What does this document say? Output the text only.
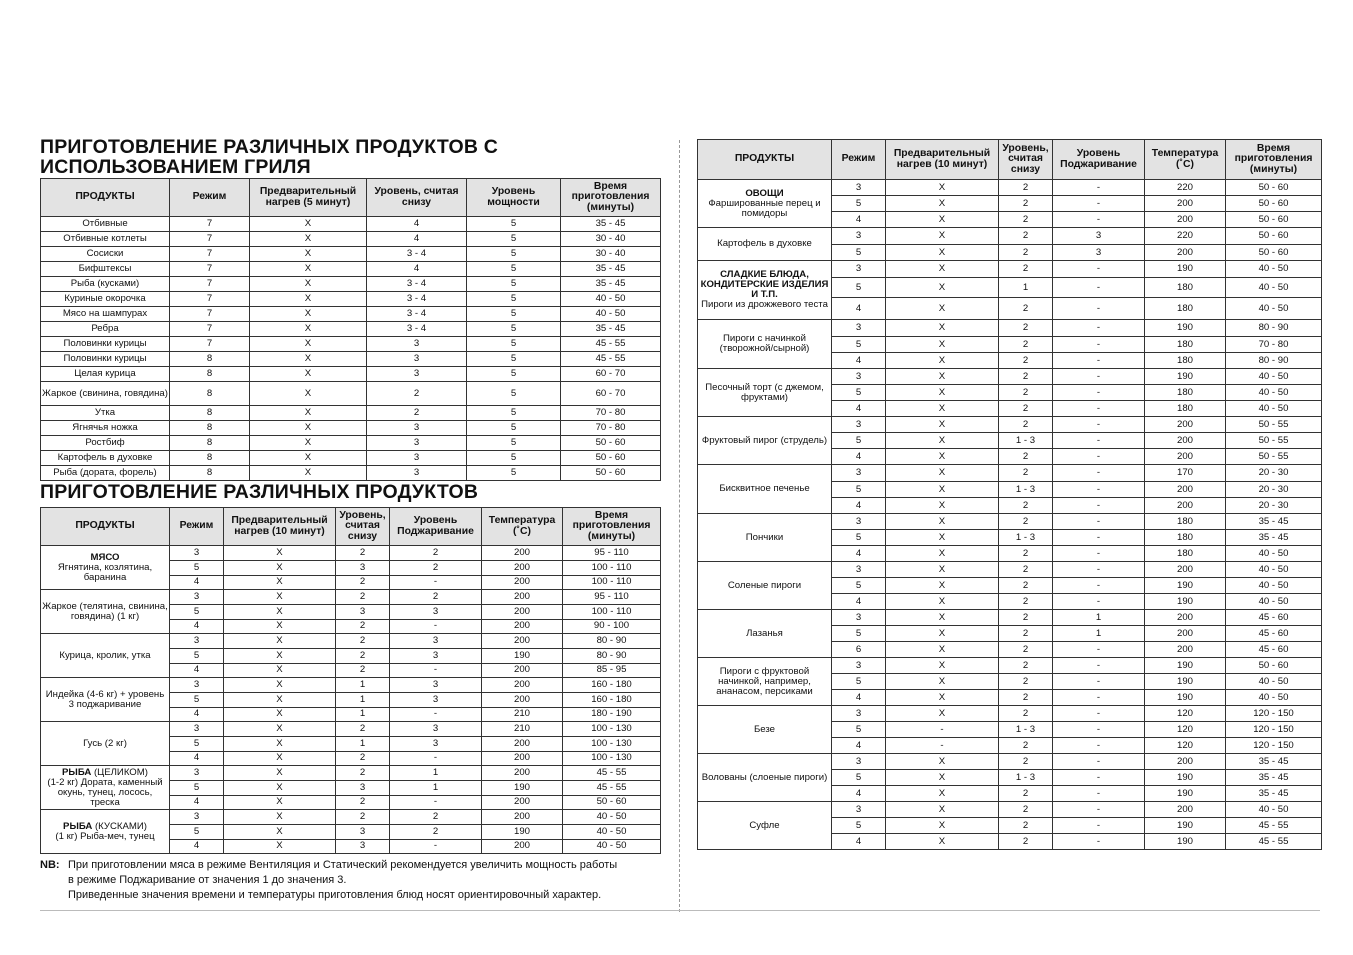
ПРИГОТОВЛЕНИЕ РАЗЛИЧНЫХ ПРОДУКТОВ С
ИСПОЛЬЗОВАНИЕМ ГРИЛЯ
ПРОДУКТЫ	Режим	Предварительный нагрев (5 минут)	Уровень, считая снизу	Уровень мощности	Время приготовления (минуты)
Отбивные	7	X	4	5	35 - 45
Отбивные котлеты	7	X	4	5	30 - 40
Сосиски	7	X	3 - 4	5	30 - 40
Бифштексы	7	X	4	5	35 - 45
Рыба (кусками)	7	X	3 - 4	5	35 - 45
Куриные окорочка	7	X	3 - 4	5	40 - 50
Мясо на шампурах	7	X	3 - 4	5	40 - 50
Ребра	7	X	3 - 4	5	35 - 45
Половинки курицы	7	X	3	5	45 - 55
Половинки курицы	8	X	3	5	45 - 55
Целая курица	8	X	3	5	60 - 70
Жаркое (свинина, говядина)	8	X	2	5	60 - 70
Утка	8	X	2	5	70 - 80
Ягнячья ножка	8	X	3	5	70 - 80
Ростбиф	8	X	3	5	50 - 60
Картофель в духовке	8	X	3	5	50 - 60
Рыба (дората, форель)	8	X	3	5	50 - 60
ПРИГОТОВЛЕНИЕ РАЗЛИЧНЫХ ПРОДУКТОВ
ПРОДУКТЫ	Режим	Предварительный нагрев (10 минут)	Уровень, считая снизу	Уровень Поджаривание	Температура (˚C)	Время приготовления (минуты)
МЯСО
Ягнятина, козлятина, баранина	3	X	2	2	200	95 - 110
	5	X	3	2	200	100 - 110
	4	X	2	-	200	100 - 110
Жаркое (телятина, свинина, говядина) (1 кг)	3	X	2	2	200	95 - 110
	5	X	3	3	200	100 - 110
	4	X	2	-	200	90 - 100
Курица, кролик, утка	3	X	2	3	200	80 - 90
	5	X	2	3	190	80 - 90
	4	X	2	-	200	85 - 95
Индейка (4-6 кг) + уровень 3 поджаривание	3	X	1	3	200	160 - 180
	5	X	1	3	200	160 - 180
	4	X	1	-	210	180 - 190
Гусь (2 кг)	3	X	2	3	210	100 - 130
	5	X	1	3	200	100 - 130
	4	X	2	-	200	100 - 130
РЫБА (ЦЕЛИКОМ)
(1-2 кг) Дората, каменный окунь, тунец, лосось, треска	3	X	2	1	200	45 - 55
	5	X	3	1	190	45 - 55
	4	X	2	-	200	50 - 60
РЫБА (КУСКАМИ)
(1 кг) Рыба-меч, тунец	3	X	2	2	200	40 - 50
	5	X	3	2	190	40 - 50
	4	X	3	-	200	40 - 50
NB: При приготовлении мяса в режиме Вентиляция и Статический рекомендуется увеличить мощность работы
в режиме Поджаривание от значения 1 до значения 3.
Приведенные значения времени и температуры приготовления блюд носят ориентировочный характер.
ПРОДУКТЫ	Режим	Предварительный нагрев (10 минут)	Уровень, считая снизу	Уровень Поджаривание	Температура (˚C)	Время приготовления (минуты)
ОВОЩИ
Фаршированные перец и помидоры	3	X	2	-	220	50 - 60
	5	X	2	-	200	50 - 60
	4	X	2	-	200	50 - 60
Картофель в духовке	3	X	2	3	220	50 - 60
	5	X	2	3	200	50 - 60
СЛАДКИЕ БЛЮДА, КОНДИТЕРСКИЕ ИЗДЕЛИЯ И Т.П.
Пироги из дрожжевого теста	3	X	2	-	190	40 - 50
	5	X	1	-	180	40 - 50
	4	X	2	-	180	40 - 50
Пироги с начинкой (творожной/сырной)	3	X	2	-	190	80 - 90
	5	X	2	-	180	70 - 80
	4	X	2	-	180	80 - 90
Песочный торт (с джемом, фруктами)	3	X	2	-	190	40 - 50
	5	X	2	-	180	40 - 50
	4	X	2	-	180	40 - 50
Фруктовый пирог (струдель)	3	X	2	-	200	50 - 55
	5	X	1 - 3	-	200	50 - 55
	4	X	2	-	200	50 - 55
Бисквитное печенье	3	X	2	-	170	20 - 30
	5	X	1 - 3	-	200	20 - 30
	4	X	2	-	200	20 - 30
Пончики	3	X	2	-	180	35 - 45
	5	X	1 - 3	-	180	35 - 45
	4	X	2	-	180	40 - 50
Соленые пироги	3	X	2	-	200	40 - 50
	5	X	2	-	190	40 - 50
	4	X	2	-	190	40 - 50
Лазанья	3	X	2	1	200	45 - 60
	5	X	2	1	200	45 - 60
	6	X	2	-	200	45 - 60
Пироги с фруктовой начинкой, например, ананасом, персиками	3	X	2	-	190	50 - 60
	5	X	2	-	190	40 - 50
	4	X	2	-	190	40 - 50
Безе	3	X	2	-	120	120 - 150
	5	-	1 - 3	-	120	120 - 150
	4	-	2	-	120	120 - 150
Волованы (слоеные пироги)	3	X	2	-	200	35 - 45
	5	X	1 - 3	-	190	35 - 45
	4	X	2	-	190	35 - 45
Суфле	3	X	2	-	200	40 - 50
	5	X	2	-	190	45 - 55
	4	X	2	-	190	45 - 55
